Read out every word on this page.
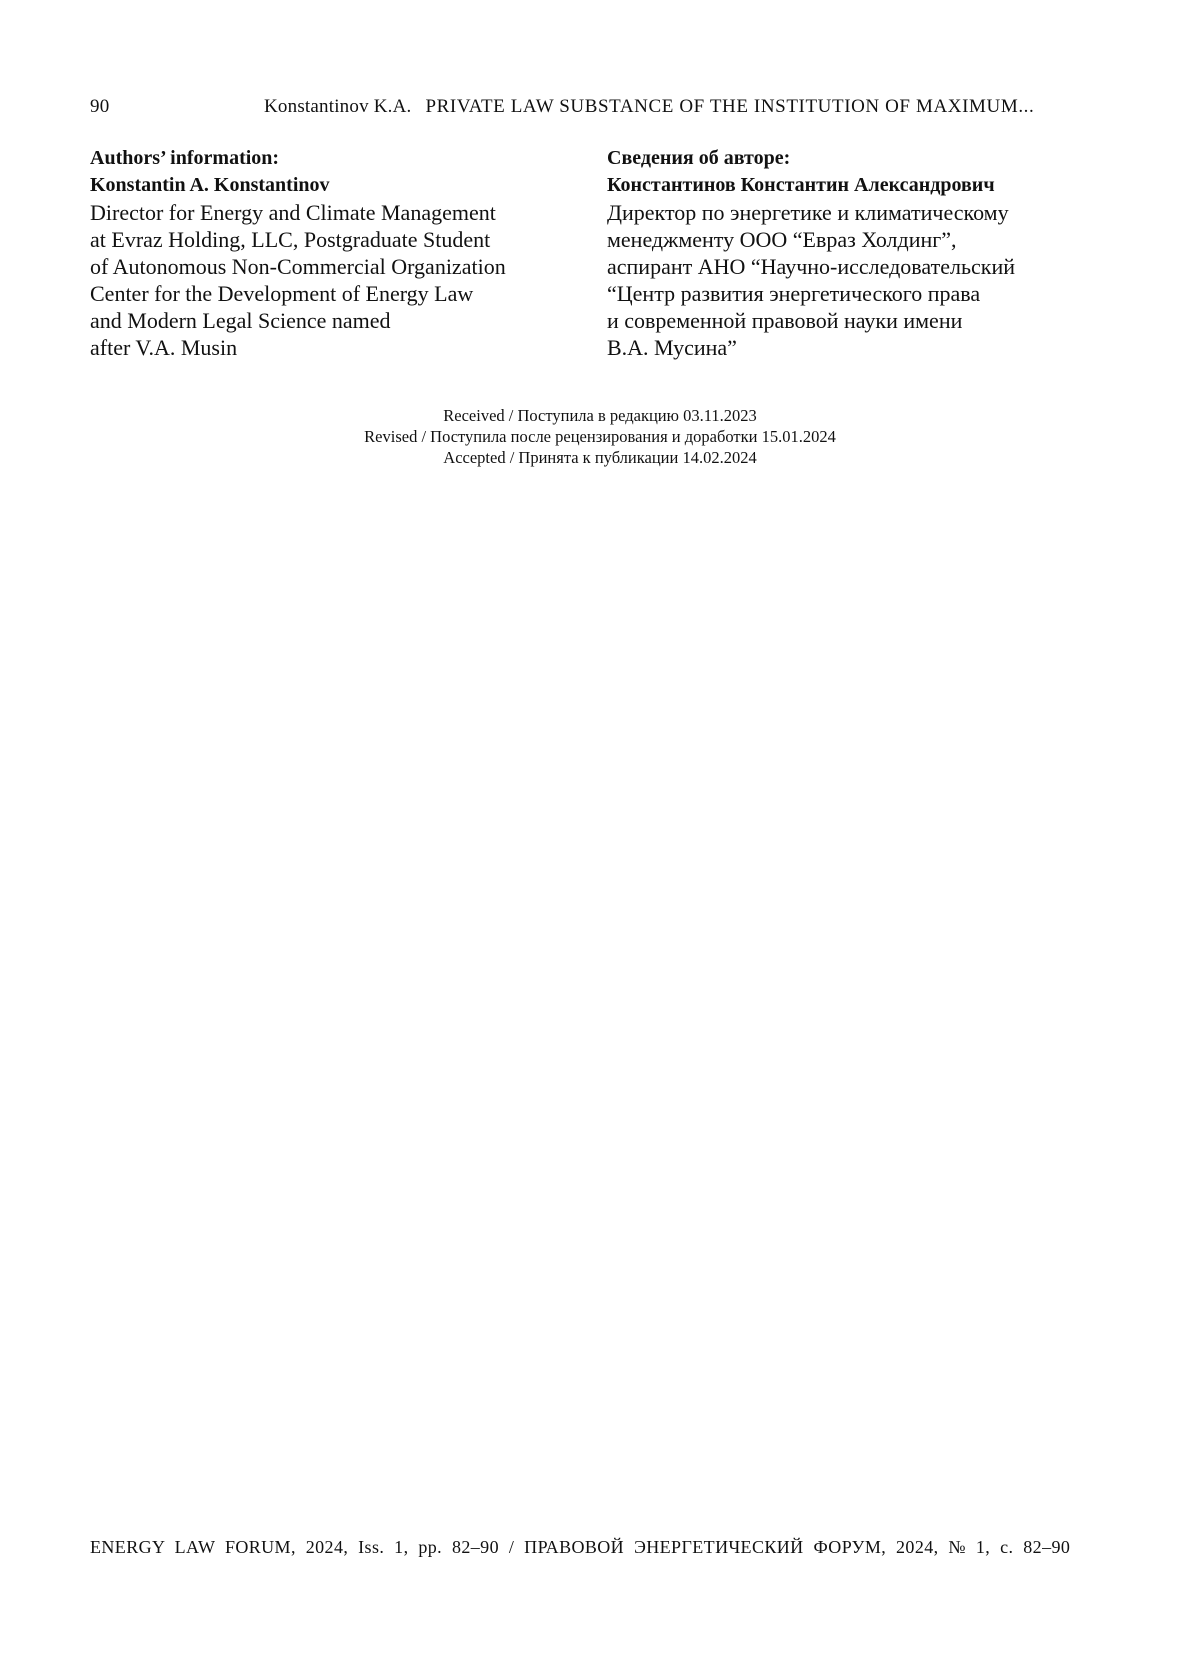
90	Konstantinov K.A. PRIVATE LAW SUBSTANCE OF THE INSTITUTION OF MAXIMUM...
Authors’ information:
Konstantin A. Konstantinov
Director for Energy and Climate Management
at Evraz Holding, LLC, Postgraduate Student
of Autonomous Non-Commercial Organization
Center for the Development of Energy Law
and Modern Legal Science named
after V.A. Musin
Сведения об авторе:
Константинов Константин Александрович
Директор по энергетике и климатическому
менеджменту ООО “Евраз Холдинг”,
аспирант АНО “Научно-исследовательский
“Центр развития энергетического права
и современной правовой науки имени
В.А. Мусина”
Received / Поступила в редакцию 03.11.2023
Revised / Поступила после рецензирования и доработки 15.01.2024
Accepted / Принята к публикации 14.02.2024
ENERGY LAW FORUM, 2024, Iss. 1, pp. 82–90 / ПРАВОВОЙ ЭНЕРГЕТИЧЕСКИЙ ФОРУМ, 2024, № 1, с. 82–90
